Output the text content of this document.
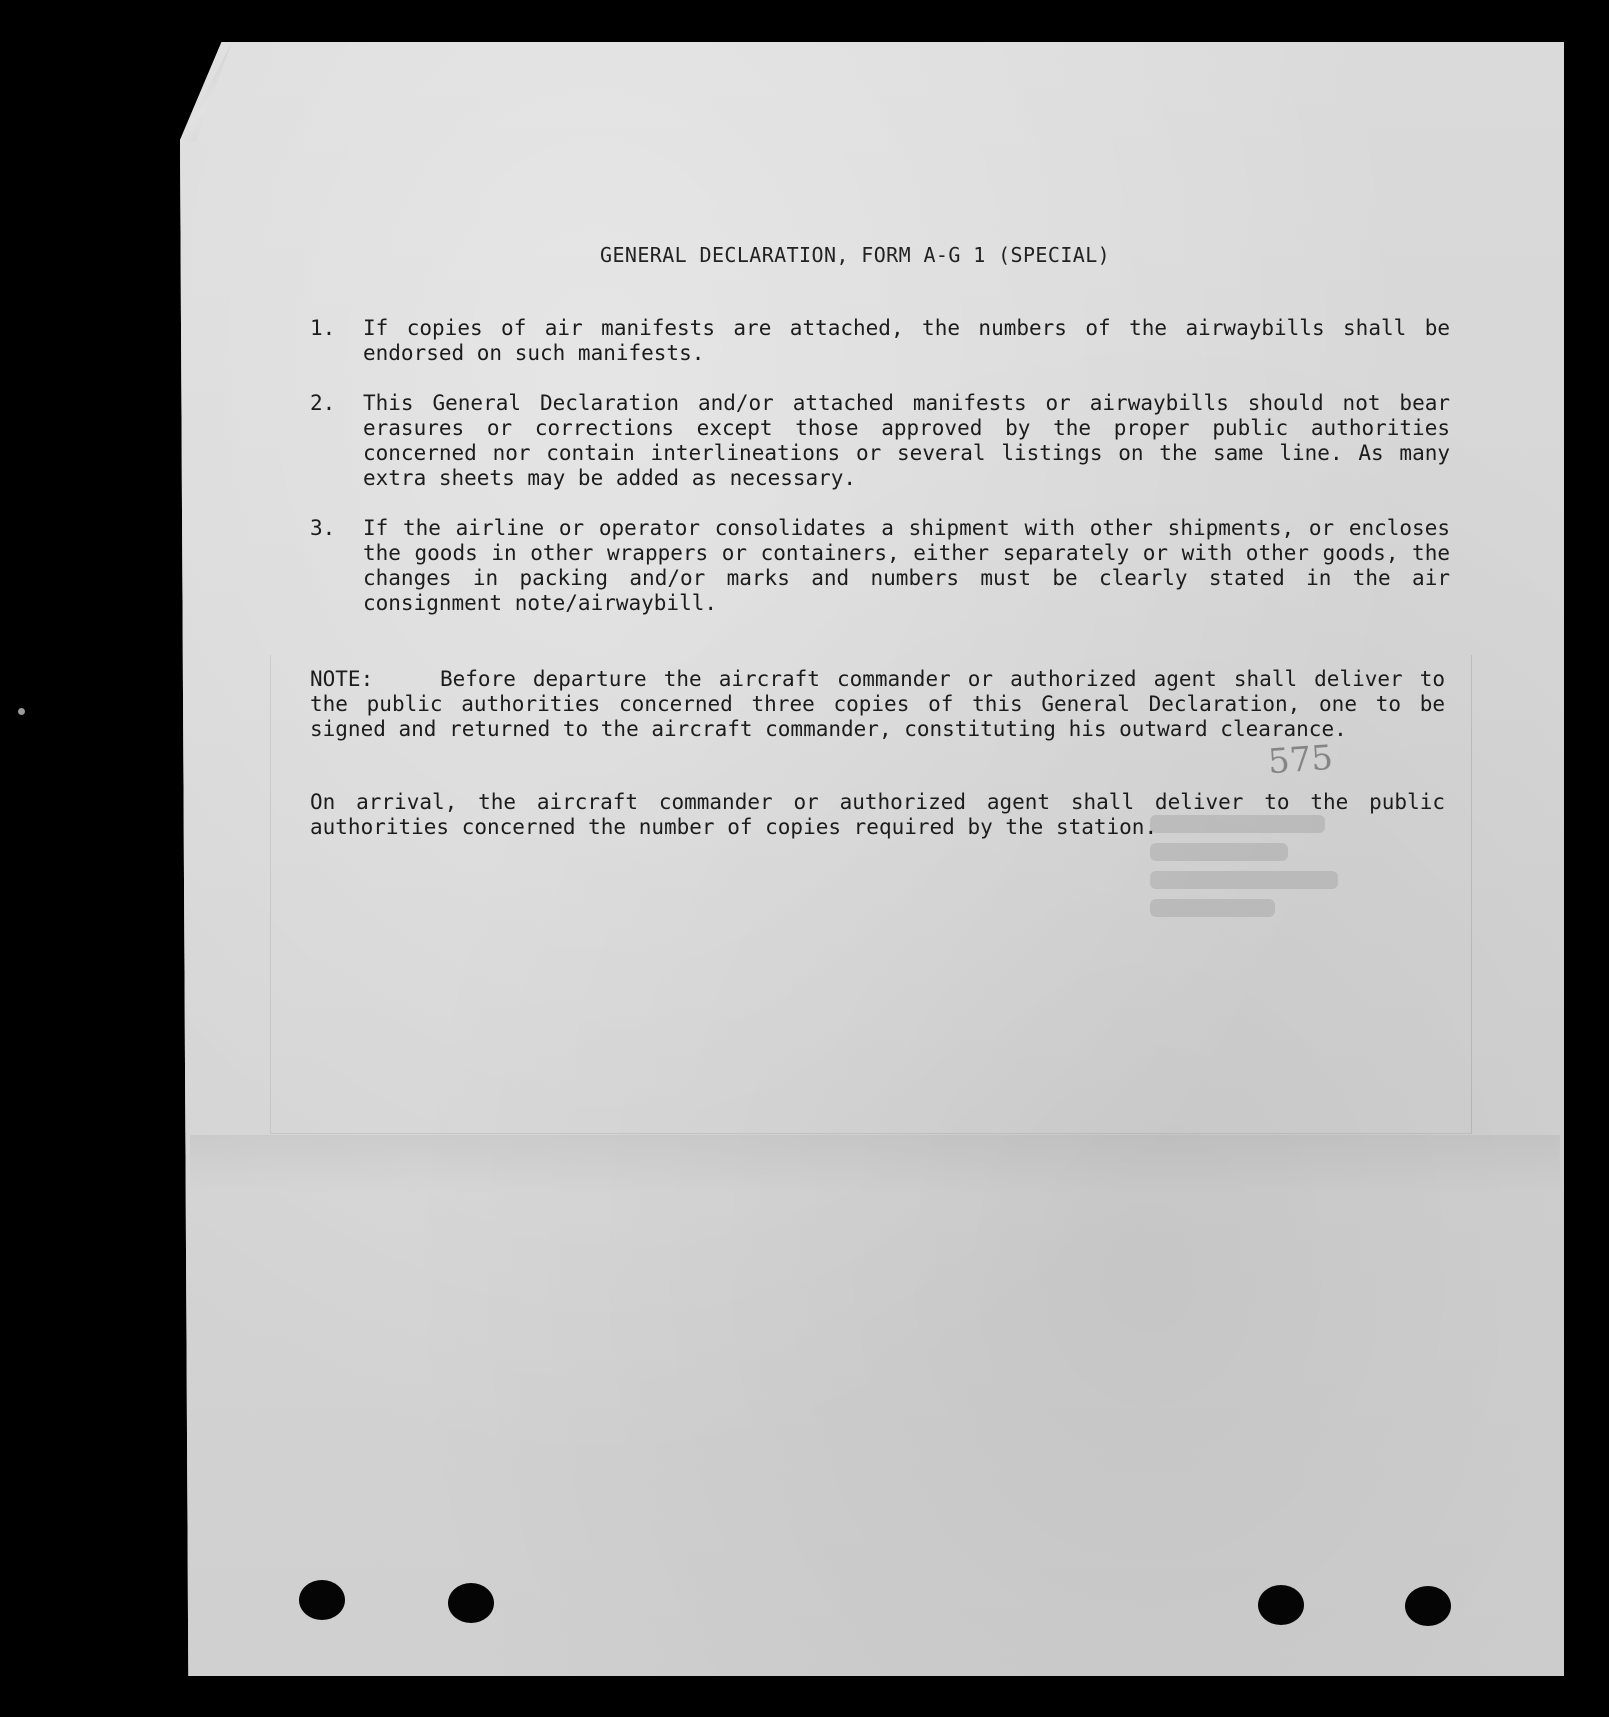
GENERAL DECLARATION, FORM A-G 1 (SPECIAL)
1.	If copies of air manifests are attached, the numbers of the airwaybills shall be endorsed on such manifests.
2.	This General Declaration and/or attached manifests or airwaybills should not bear erasures or corrections except those approved by the proper public authorities concerned nor contain interlineations or several listings on the same line. As many extra sheets may be added as necessary.
3.	If the airline or operator consolidates a shipment with other shipments, or encloses the goods in other wrappers or containers, either separately or with other goods, the changes in packing and/or marks and numbers must be clearly stated in the air consignment note/airwaybill.
NOTE:	Before departure the aircraft commander or authorized agent shall deliver to the public authorities concerned three copies of this General Declaration, one to be signed and returned to the aircraft commander, constituting his outward clearance.
575
On arrival, the aircraft commander or authorized agent shall deliver to the public authorities concerned the number of copies required by the station.
